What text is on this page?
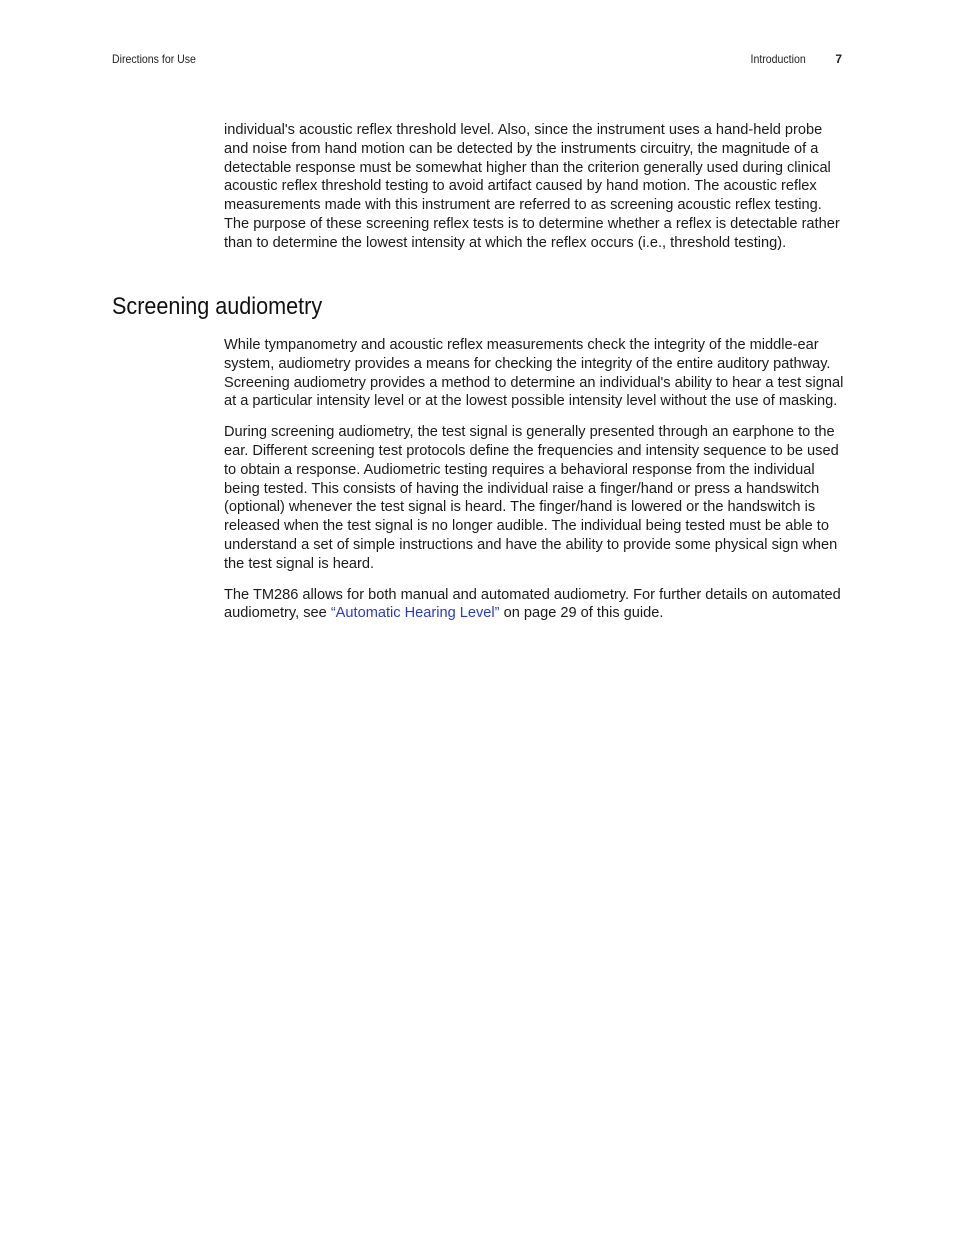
Directions for Use	Introduction 7

individual's acoustic reflex threshold level. Also, since the instrument uses a hand-held probe and noise from hand motion can be detected by the instruments circuitry, the magnitude of a detectable response must be somewhat higher than the criterion generally used during clinical acoustic reflex threshold testing to avoid artifact caused by hand motion. The acoustic reflex measurements made with this instrument are referred to as screening acoustic reflex testing. The purpose of these screening reflex tests is to determine whether a reflex is detectable rather than to determine the lowest intensity at which the reflex occurs (i.e., threshold testing).

Screening audiometry

While tympanometry and acoustic reflex measurements check the integrity of the middle-ear system, audiometry provides a means for checking the integrity of the entire auditory pathway. Screening audiometry provides a method to determine an individual's ability to hear a test signal at a particular intensity level or at the lowest possible intensity level without the use of masking.

During screening audiometry, the test signal is generally presented through an earphone to the ear. Different screening test protocols define the frequencies and intensity sequence to be used to obtain a response. Audiometric testing requires a behavioral response from the individual being tested. This consists of having the individual raise a finger/hand or press a handswitch (optional) whenever the test signal is heard. The finger/hand is lowered or the handswitch is released when the test signal is no longer audible. The individual being tested must be able to understand a set of simple instructions and have the ability to provide some physical sign when the test signal is heard.

The TM286 allows for both manual and automated audiometry. For further details on automated audiometry, see “Automatic Hearing Level” on page 29 of this guide.
